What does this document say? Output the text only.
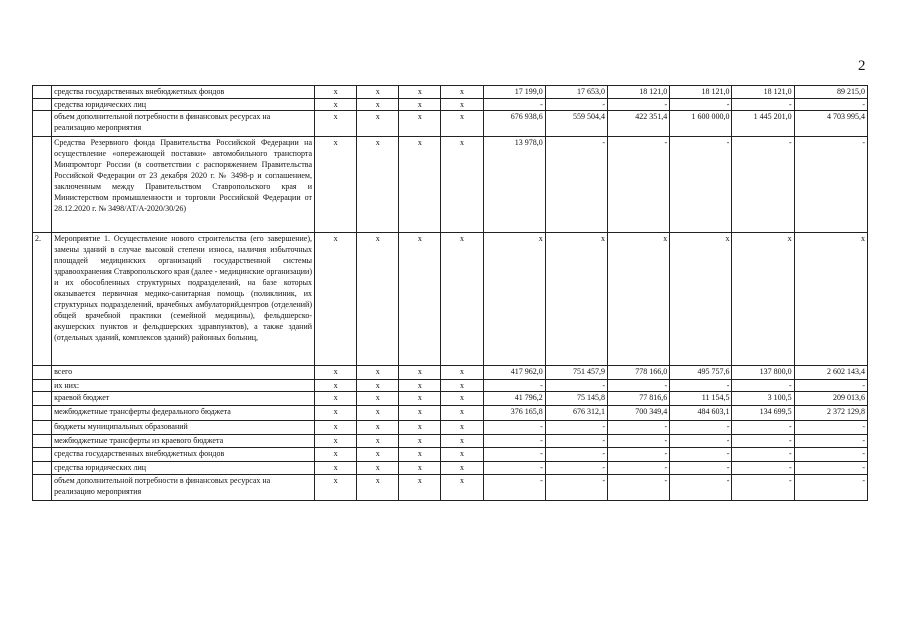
2
	средства государственных внебюджетных фондов	x	x	x	x	17 199,0	17 653,0	18 121,0	18 121,0	18 121,0	89 215,0
	средства юридических лиц	x	x	x	x	-	-	-	-	-	-
	объем дополнительной потребности в финансовых ресурсах на реализацию мероприятия	x	x	x	x	676 938,6	559 504,4	422 351,4	1 600 000,0	1 445 201,0	4 703 995,4
	Средства Резервного фонда Правительства Российской Федерации на осуществление «опережающей поставки» автомобильного транспорта Минпромторг России (в соответствии с распоряжением Правительства Российской Федерации от 23 декабря 2020 г. № 3498-р и соглашением, заключенным между Правительством Ставропольского края и Министерством промышленности и торговли Российской Федерации от 28.12.2020 г. № 3498/АТ/А-2020/30/26)	x	x	x	x	13 978,0	-	-	-	-	-
2.	Мероприятие 1. Осуществление нового строительства (его завершение), замены зданий в случае высокой степени износа, наличия избыточных площадей медицинских организаций государственной системы здравоохранения Ставропольского края (далее - медицинские организации) и их обособленных структурных подразделений, на базе которых оказывается первичная медико-санитарная помощь (поликлиник, их структурных подразделений, врачебных амбулаторий,центров (отделений) общей врачебной практики (семейной медицины), фельдшерско-акушерских пунктов и фельдшерских здравпунктов), а также зданий (отдельных зданий, комплексов зданий) районных больниц,	x	x	x	x	x	x	x	x	x	x
	всего	x	x	x	x	417 962,0	751 457,9	778 166,0	495 757,6	137 800,0	2 602 143,4
	их них:	x	x	x	x	-	-	-	-	-	-
	краевой бюджет	x	x	x	x	41 796,2	75 145,8	77 816,6	11 154,5	3 100,5	209 013,6
	межбюджетные трансферты федерального бюджета	x	x	x	x	376 165,8	676 312,1	700 349,4	484 603,1	134 699,5	2 372 129,8
	бюджеты муниципальных образований	x	x	x	x	-	-	-	-	-	-
	межбюджетные трансферты из краевого бюджета	x	x	x	x	-	-	-	-	-	-
	средства государственных внебюджетных фондов	x	x	x	x	-	-	-	-	-	-
	средства юридических лиц	x	x	x	x	-	-	-	-	-	-
	объем дополнительной потребности в финансовых ресурсах на реализацию мероприятия	x	x	x	x	-	-	-	-	-	-
